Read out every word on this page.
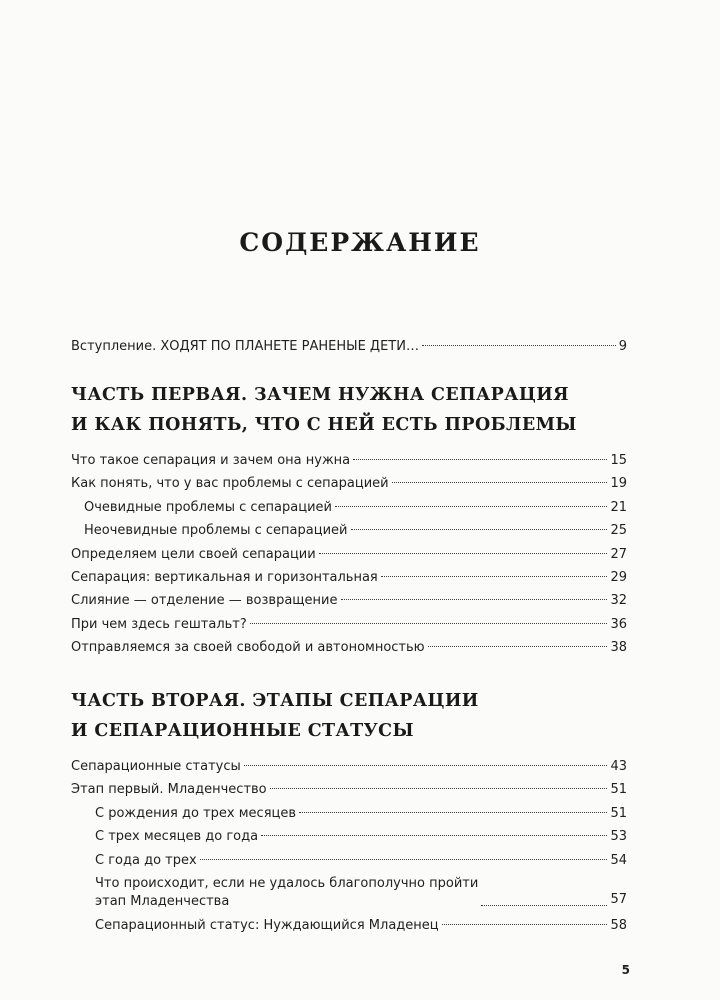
СОДЕРЖАНИЕ
Вступление. ХОДЯТ ПО ПЛАНЕТЕ РАНЕНЫЕ ДЕТИ…	9
ЧАСТЬ ПЕРВАЯ. ЗАЧЕМ НУЖНА СЕПАРАЦИЯ
И КАК ПОНЯТЬ, ЧТО С НЕЙ ЕСТЬ ПРОБЛЕМЫ
Что такое сепарация и зачем она нужна	15
Как понять, что у вас проблемы с сепарацией	19
Очевидные проблемы с сепарацией	21
Неочевидные проблемы с сепарацией	25
Определяем цели своей сепарации	27
Сепарация: вертикальная и горизонтальная	29
Слияние — отделение — возвращение	32
При чем здесь гештальт?	36
Отправляемся за своей свободой и автономностью	38
ЧАСТЬ ВТОРАЯ. ЭТАПЫ СЕПАРАЦИИ
И СЕПАРАЦИОННЫЕ СТАТУСЫ
Сепарационные статусы	43
Этап первый. Младенчество	51
С рождения до трех месяцев	51
С трех месяцев до года	53
С года до трех	54
Что происходит, если не удалось благополучно пройти
этап Младенчества	57
Сепарационный статус: Нуждающийся Младенец	58
5
